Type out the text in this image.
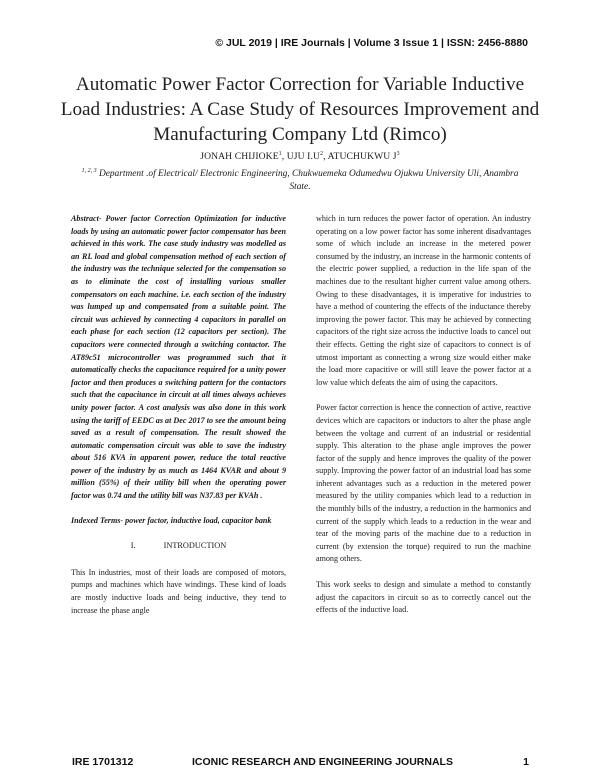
© JUL 2019 | IRE Journals | Volume 3 Issue 1 | ISSN: 2456-8880
Automatic Power Factor Correction for Variable Inductive Load Industries: A Case Study of Resources Improvement and Manufacturing Company Ltd (Rimco)
JONAH CHIJIOKE$^1$, UJU $I.U^2$, ATUCHUKWU $J^3$
$^{1, 2, 3}$ Department .of Electrical/ Electronic Engineering, Chukwuemeka Odumedwu Ojukwu University Uli, Anambra State.

Abstract- Power factor Correction Optimization for inductive loads by using an automatic power factor compensator has been achieved in this work. The case study industry was modelled as an RL load and global compensation method of each section of the industry was the technique selected for the compensation so as to eliminate the cost of installing various smaller compensators on each machine. i.e. each section of the industry was lumped up and compensated from a suitable point. The circuit was achieved by connecting 4 capacitors in parallel on each phase for each section (12 capacitors per section). The capacitors were connected through a switching contactor. The AT89c51 microcontroller was programmed such that it automatically checks the capacitance required for a unity power factor and then produces a switching pattern for the contactors such that the capacitance in circuit at all times always achieves unity power factor. A cost analysis was also done in this work using the tariff of EEDC as at Dec 2017 to see the amount being saved as a result of compensation. The result showed the automatic compensation circuit was able to save the industry about 516 KVA in apparent power, reduce the total reactive power of the industry by as much as 1464 KVAR and about 9 million (55%) of their utility bill when the operating power factor was 0.74 and the utility bill was N37.83 per KVAh .

Indexed Terms- power factor, inductive load, capacitor bank

I.	INTRODUCTION

This In industries, most of their loads are composed of motors, pumps and machines which have windings. These kind of loads are mostly inductive loads and being inductive, they tend to increase the phase angle

which in turn reduces the power factor of operation. An industry operating on a low power factor has some inherent disadvantages some of which include an increase in the metered power consumed by the industry, an increase in the harmonic contents of the electric power supplied, a reduction in the life span of the machines due to the resultant higher current value among others. Owing to these disadvantages, it is imperative for industries to have a method of countering the effects of the inductance thereby improving the power factor. This may be achieved by connecting capacitors of the right size across the inductive loads to cancel out their effects. Getting the right size of capacitors to connect is of utmost important as connecting a wrong size would either make the load more capacitive or will still leave the power factor at a low value which defeats the aim of using the capacitors.

Power factor correction is hence the connection of active, reactive devices which are capacitors or inductors to alter the phase angle between the voltage and current of an industrial or residential supply. This alteration to the phase angle improves the power factor of the supply and hence improves the quality of the power supply. Improving the power factor of an industrial load has some inherent advantages such as a reduction in the metered power measured by the utility companies which lead to a reduction in the monthly bills of the industry, a reduction in the harmonics and current of the supply which leads to a reduction in the wear and tear of the moving parts of the machine due to a reduction in current (by extension the torque) required to run the machine among others.

This work seeks to design and simulate a method to constantly adjust the capacitors in circuit so as to correctly cancel out the effects of the inductive load.

IRE 1701312	ICONIC RESEARCH AND ENGINEERING JOURNALS	1
